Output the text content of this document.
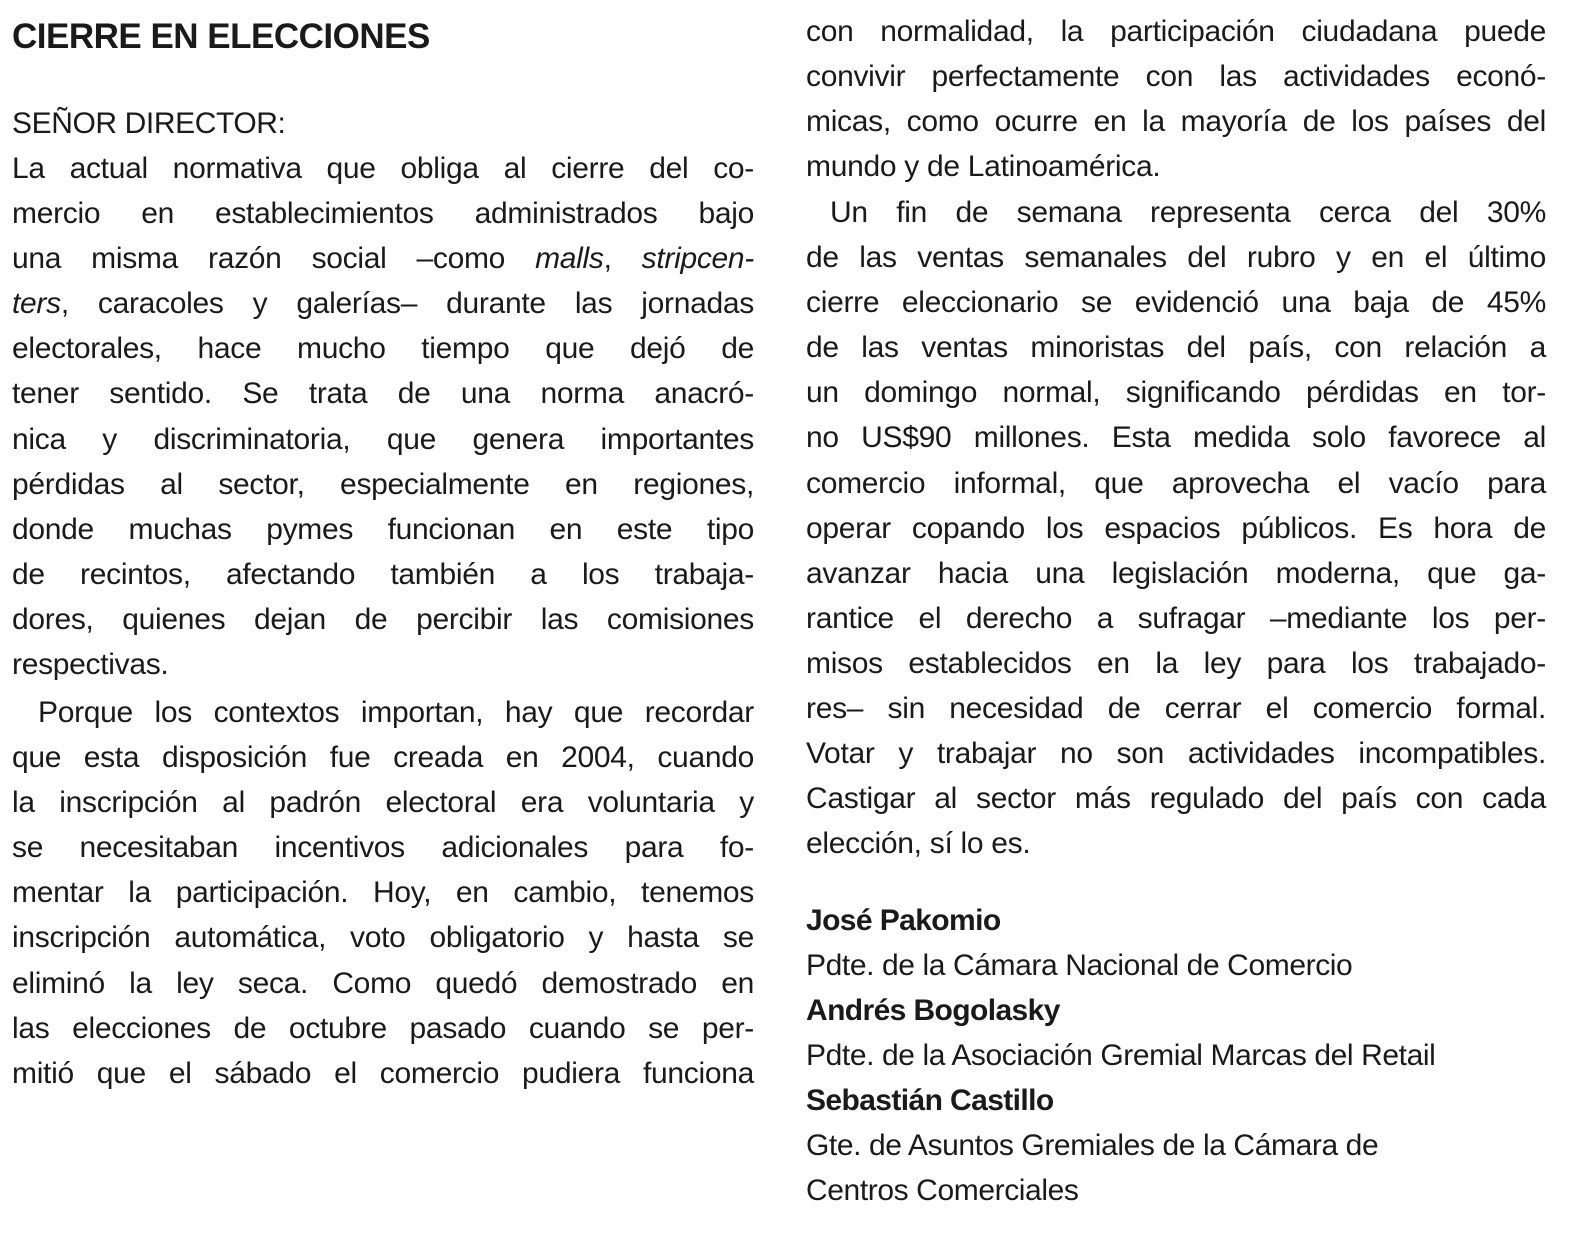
CIERRE EN ELECCIONES
SEÑOR DIRECTOR:
La actual normativa que obliga al cierre del co-
mercio en establecimientos administrados bajo
una misma razón social –como malls, stripcen-
ters, caracoles y galerías– durante las jornadas
electorales, hace mucho tiempo que dejó de
tener sentido. Se trata de una norma anacró-
nica y discriminatoria, que genera importantes
pérdidas al sector, especialmente en regiones,
donde muchas pymes funcionan en este tipo
de recintos, afectando también a los trabaja-
dores, quienes dejan de percibir las comisiones
respectivas.
Porque los contextos importan, hay que recordar
que esta disposición fue creada en 2004, cuando
la inscripción al padrón electoral era voluntaria y
se necesitaban incentivos adicionales para fo-
mentar la participación. Hoy, en cambio, tenemos
inscripción automática, voto obligatorio y hasta se
eliminó la ley seca. Como quedó demostrado en
las elecciones de octubre pasado cuando se per-
mitió que el sábado el comercio pudiera funciona
con normalidad, la participación ciudadana puede
convivir perfectamente con las actividades econó-
micas, como ocurre en la mayoría de los países del
mundo y de Latinoamérica.
Un fin de semana representa cerca del 30%
de las ventas semanales del rubro y en el último
cierre eleccionario se evidenció una baja de 45%
de las ventas minoristas del país, con relación a
un domingo normal, significando pérdidas en tor-
no US$90 millones. Esta medida solo favorece al
comercio informal, que aprovecha el vacío para
operar copando los espacios públicos. Es hora de
avanzar hacia una legislación moderna, que ga-
rantice el derecho a sufragar –mediante los per-
misos establecidos en la ley para los trabajado-
res– sin necesidad de cerrar el comercio formal.
Votar y trabajar no son actividades incompatibles.
Castigar al sector más regulado del país con cada
elección, sí lo es.
José Pakomio
Pdte. de la Cámara Nacional de Comercio
Andrés Bogolasky
Pdte. de la Asociación Gremial Marcas del Retail
Sebastián Castillo
Gte. de Asuntos Gremiales de la Cámara de
Centros Comerciales
